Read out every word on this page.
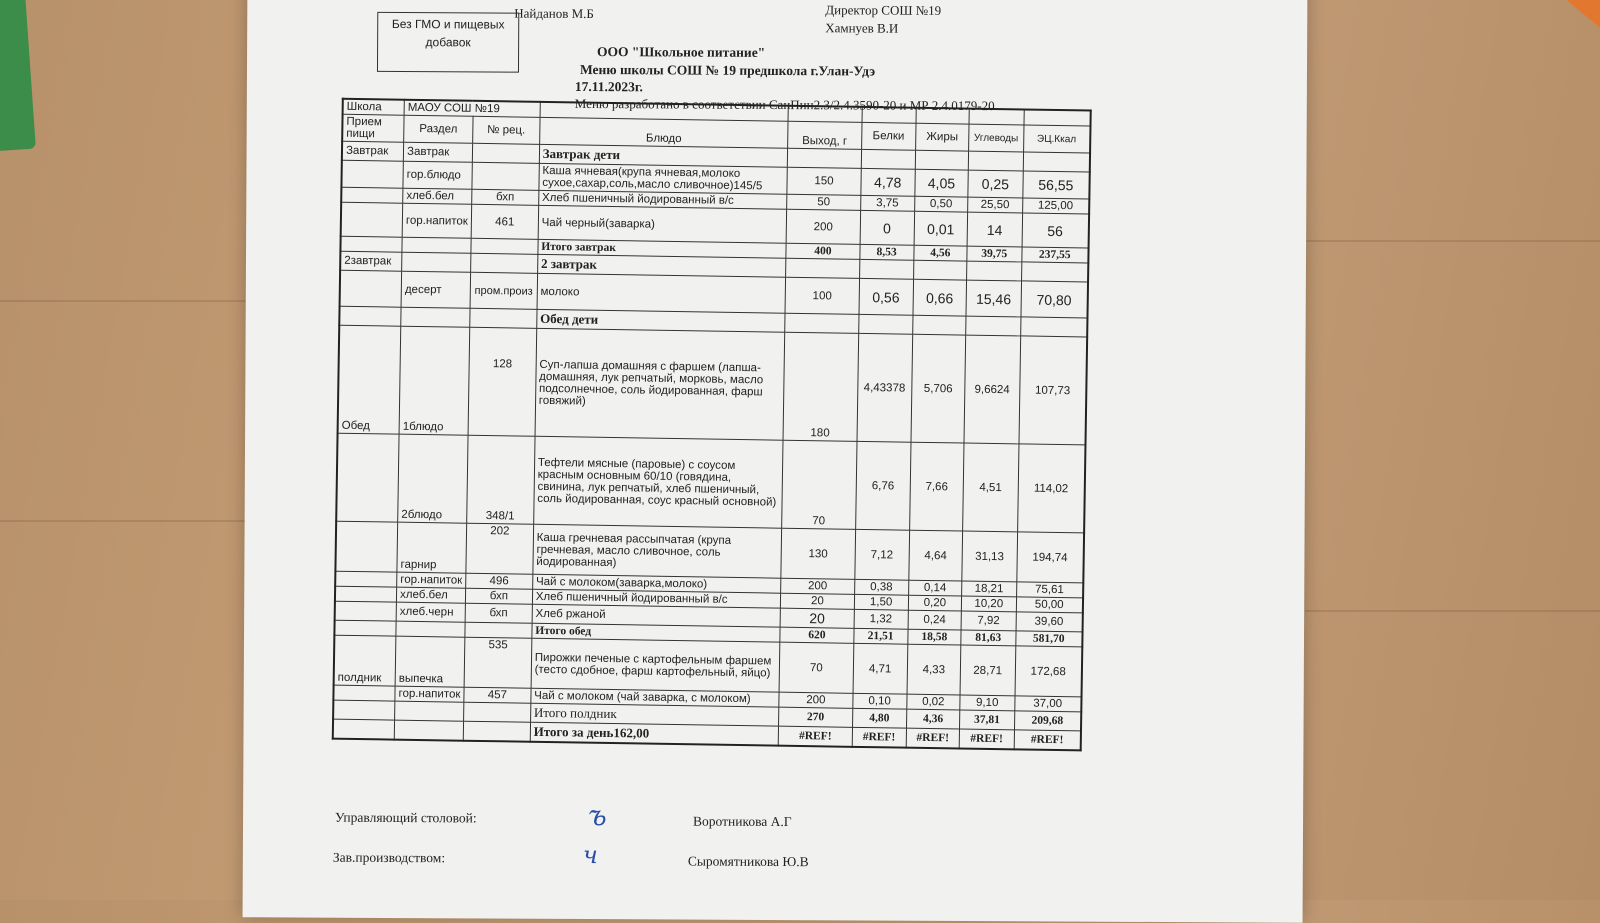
Найданов М.Б	Директор СОШ №19
Хамнуев В.И
Без ГМО и пищевых добавок
ООО "Школьное питание"
Меню школы СОШ № 19 предшкола г.Улан-Удэ
17.11.2023г.
Меню разработано в соответствии СанПин2.3/2.4.3590-20 и МР 2.4.0179-20
Школа	МАОУ СОШ №19							
Прием пищи	Раздел	№ рец.	Блюдо	Выход, г	Белки	Жиры	Углеводы	ЭЦ.Ккал
Завтрак	Завтрак		Завтрак дети					
	гор.блюдо		Каша ячневая(крупа ячневая,молоко сухое,сахар,соль,масло сливочное)145/5	150	4,78	4,05	0,25	56,55
	хлеб.бел	бхп	Хлеб пшеничный йодированный в/с	50	3,75	0,50	25,50	125,00
	гор.напиток	461	Чай черный(заварка)	200	0	0,01	14	56
			Итого завтрак	400	8,53	4,56	39,75	237,55
2завтрак			2 завтрак					
	десерт	пром.произ	молоко	100	0,56	0,66	15,46	70,80
			Обед дети					
Обед	1блюдо	128	Суп-лапша домашняя с фаршем (лапша-домашняя, лук репчатый, морковь, масло подсолнечное, соль йодированная, фарш говяжий)	180	4,43378	5,706	9,6624	107,73
	2блюдо	348/1	Тефтели мясные (паровые) с соусом красным основным 60/10 (говядина, свинина, лук репчатый, хлеб пшеничный, соль йодированная, соус красный основной)	70	6,76	7,66	4,51	114,02
	гарнир	202	Каша гречневая рассыпчатая (крупа гречневая, масло сливочное, соль йодированная)	130	7,12	4,64	31,13	194,74
	гор.напиток	496	Чай с молоком(заварка,молоко)	200	0,38	0,14	18,21	75,61
	хлеб.бел	бхп	Хлеб пшеничный йодированный в/с	20	1,50	0,20	10,20	50,00
	хлеб.черн	бхп	Хлеб ржаной	20	1,32	0,24	7,92	39,60
			Итого обед	620	21,51	18,58	81,63	581,70
полдник	выпечка	535	Пирожки печеные с картофельным фаршем (тесто сдобное, фарш картофельный, яйцо)	70	4,71	4,33	28,71	172,68
	гор.напиток	457	Чай с молоком (чай заварка, с молоком)	200	0,10	0,02	9,10	37,00
			Итого полдник	270	4,80	4,36	37,81	209,68
			Итого за день162,00	#REF!	#REF!	#REF!	#REF!	#REF!
Управляющий столовой:	ъ	Воротникова А.Г
Зав.производством:	ч	Сыромятникова Ю.В
